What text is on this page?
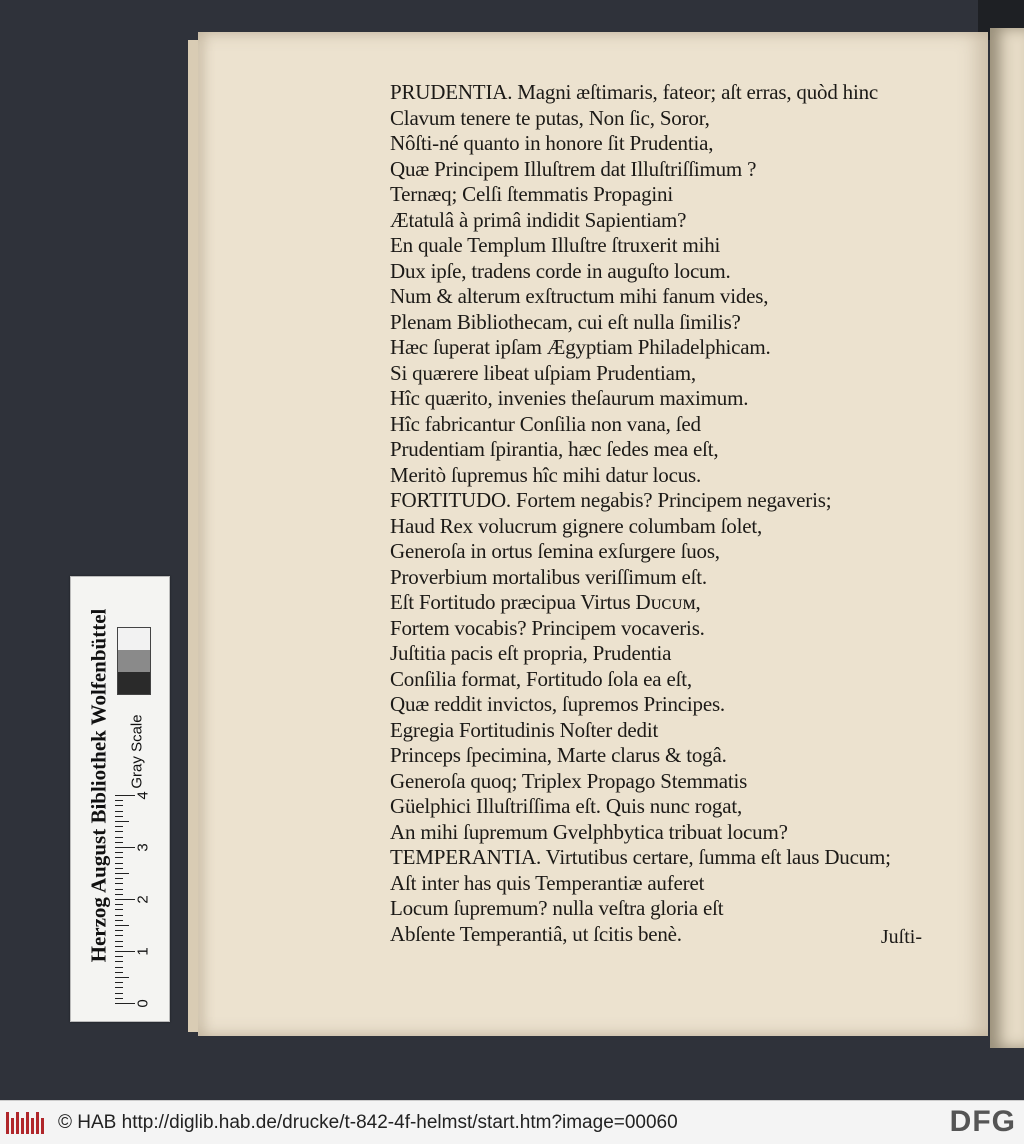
PRUDENTIA. Magni æſtimaris, fateor; aſt erras, quòd hinc
Clavum tenere te putas, Non ſic, Soror,
Nôſti-né quanto in honore ſit Prudentia,
Quæ Principem Illuſtrem dat Illuſtriſſimum ?
Ternæq; Celſi ſtemmatis Propagini
Ætatulâ à primâ indidit Sapientiam?
En quale Templum Illuſtre ſtruxerit mihi
Dux ipſe, tradens corde in auguſto locum.
Num & alterum exſtructum mihi fanum vides,
Plenam Bibliothecam, cui eſt nulla ſimilis?
Hæc ſuperat ipſam Ægyptiam Philadelphicam.
Si quærere libeat uſpiam Prudentiam,
Hîc quærito, invenies theſaurum maximum.
Hîc fabricantur Conſilia non vana, ſed
Prudentiam ſpirantia, hæc ſedes mea eſt,
Meritò ſupremus hîc mihi datur locus.
FORTITUDO. Fortem negabis? Principem negaveris;
Haud Rex volucrum gignere columbam ſolet,
Generoſa in ortus ſemina exſurgere ſuos,
Proverbium mortalibus veriſſimum eſt.
Eſt Fortitudo præcipua Virtus Dᴜᴄᴜᴍ,
Fortem vocabis? Principem vocaveris.
Juſtitia pacis eſt propria, Prudentia
Conſilia format, Fortitudo ſola ea eſt,
Quæ reddit invictos, ſupremos Principes.
Egregia Fortitudinis Noſter dedit
Princeps ſpecimina, Marte clarus & togâ.
Generoſa quoq; Triplex Propago Stemmatis
Güelphici Illuſtriſſima eſt. Quis nunc rogat,
An mihi ſupremum Gvelphbytica tribuat locum?
TEMPERANTIA. Virtutibus certare, ſumma eſt laus Ducum;
Aſt inter has quis Temperantiæ auferet
Locum ſupremum? nulla veſtra gloria eſt
Abſente Temperantiâ, ut ſcitis benè.	Juſti-
Herzog August Bibliothek Wolfenbüttel Gray Scale
0
1
2
3
4
© HAB http://diglib.hab.de/drucke/t-842-4f-helmst/start.htm?image=00060	DFG
